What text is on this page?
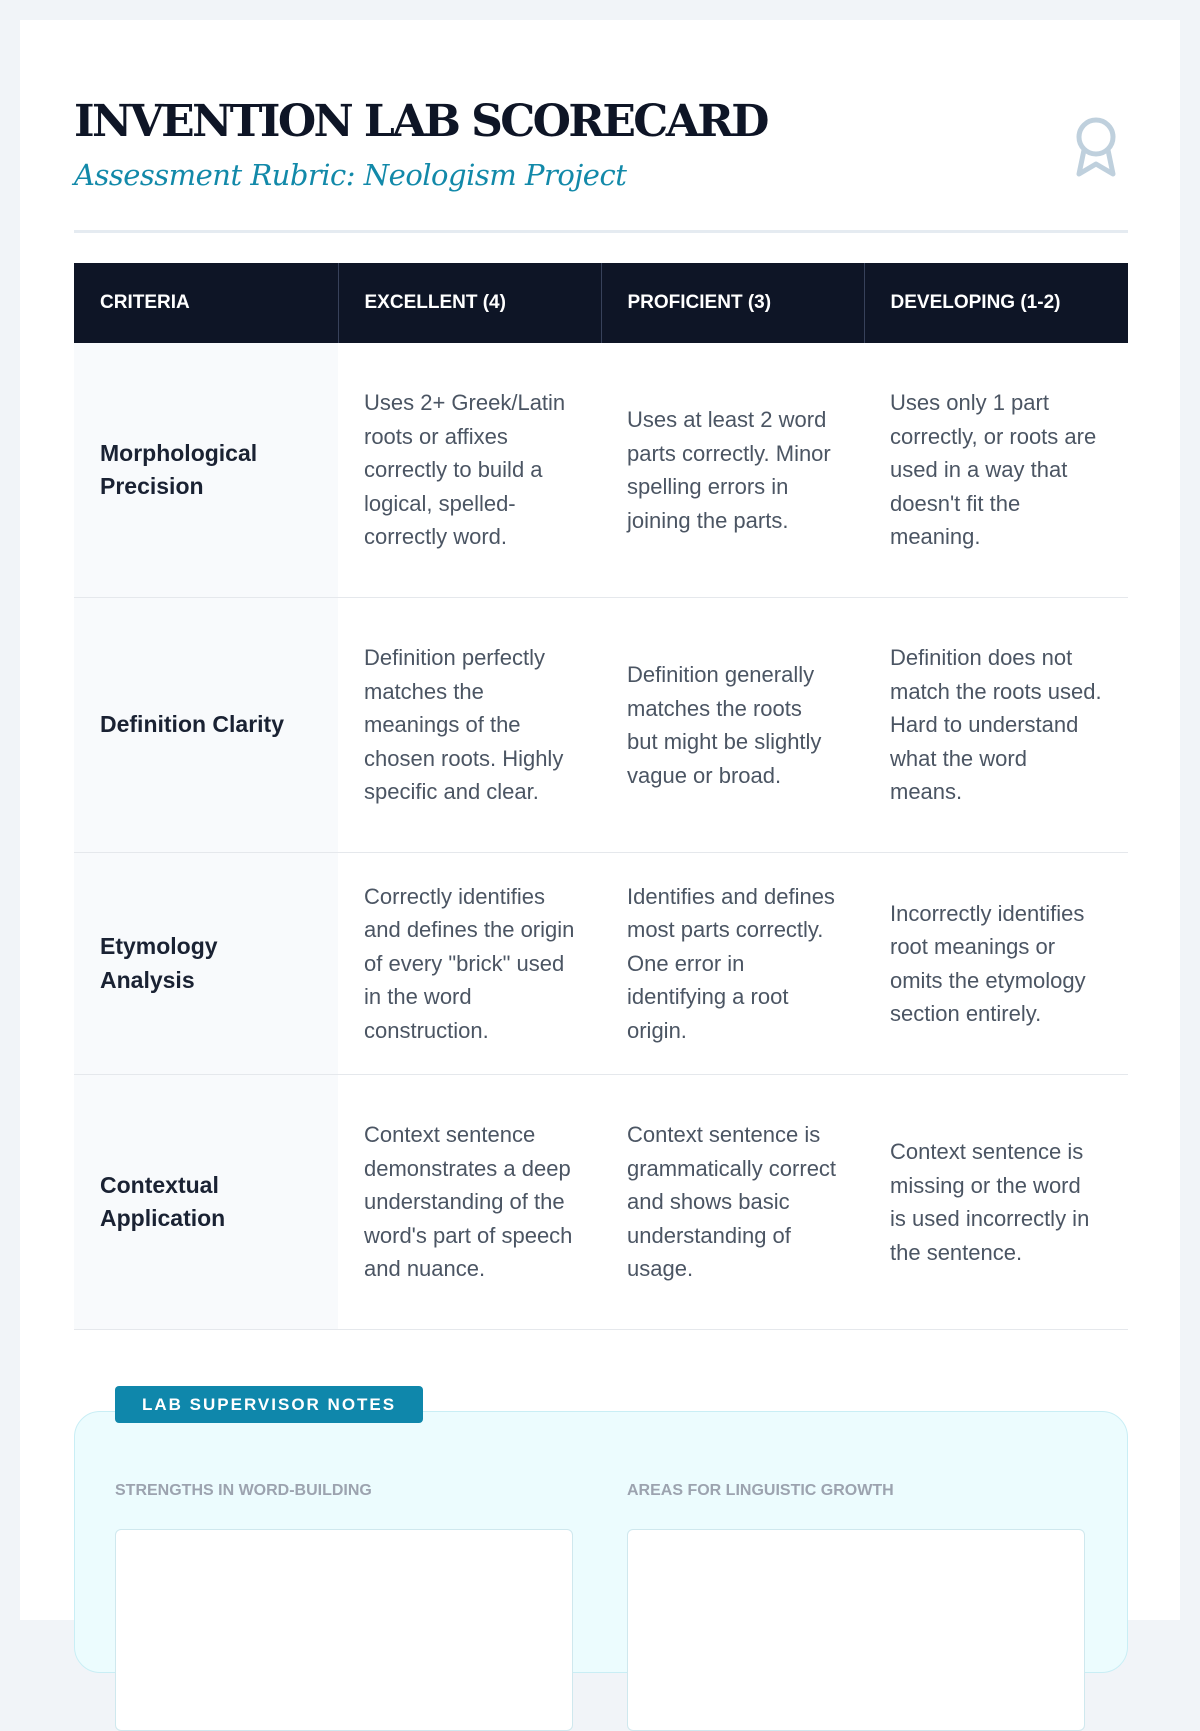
INVENTION LAB SCORECARD
Assessment Rubric: Neologism Project
CRITERIA	EXCELLENT (4)	PROFICIENT (3)	DEVELOPING (1-2)
Morphological Precision	Uses 2+ Greek/Latin roots or affixes correctly to build a logical, spelled-correctly word.	Uses at least 2 word parts correctly. Minor spelling errors in joining the parts.	Uses only 1 part correctly, or roots are used in a way that doesn't fit the meaning.
Definition Clarity	Definition perfectly matches the meanings of the chosen roots. Highly specific and clear.	Definition generally matches the roots but might be slightly vague or broad.	Definition does not match the roots used. Hard to understand what the word means.
Etymology Analysis	Correctly identifies and defines the origin of every "brick" used in the word construction.	Identifies and defines most parts correctly. One error in identifying a root origin.	Incorrectly identifies root meanings or omits the etymology section entirely.
Contextual Application	Context sentence demonstrates a deep understanding of the word's part of speech and nuance.	Context sentence is grammatically correct and shows basic understanding of usage.	Context sentence is missing or the word is used incorrectly in the sentence.
STRENGTHS IN WORD-BUILDING	AREAS FOR LINGUISTIC GROWTH
LAB SUPERVISOR NOTES
